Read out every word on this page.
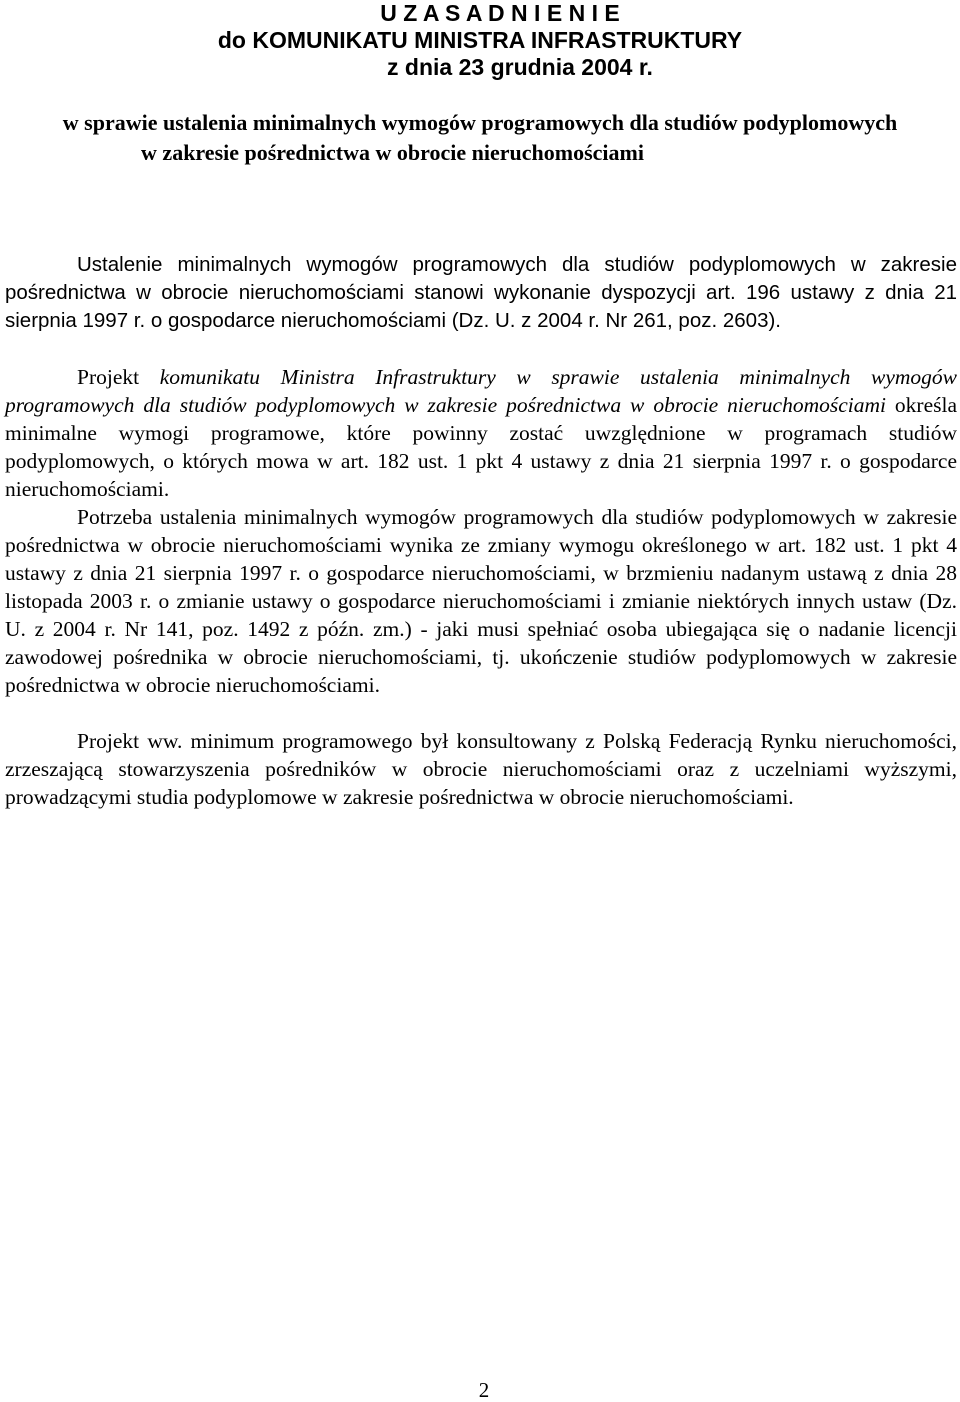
U Z A S A D N I E N I E
do KOMUNIKATU MINISTRA INFRASTRUKTURY
z dnia 23 grudnia 2004 r.
w sprawie ustalenia minimalnych wymogów programowych dla studiów podyplomowych
w zakresie pośrednictwa w obrocie nieruchomościami
Ustalenie minimalnych wymogów programowych dla studiów podyplomowych w zakresie pośrednictwa w obrocie nieruchomościami stanowi wykonanie dyspozycji art. 196 ustawy z dnia 21 sierpnia 1997 r. o gospodarce nieruchomościami (Dz. U. z 2004 r. Nr 261, poz. 2603).

Projekt komunikatu Ministra Infrastruktury w sprawie ustalenia minimalnych wymogów programowych dla studiów podyplomowych w zakresie pośrednictwa w obrocie nieruchomościami określa minimalne wymogi programowe, które powinny zostać uwzględnione w programach studiów podyplomowych, o których mowa w art. 182 ust. 1 pkt 4 ustawy z dnia 21 sierpnia 1997 r. o gospodarce nieruchomościami.

Potrzeba ustalenia minimalnych wymogów programowych dla studiów podyplomowych w zakresie pośrednictwa w obrocie nieruchomościami wynika ze zmiany wymogu określonego w art. 182 ust. 1 pkt 4 ustawy z dnia 21 sierpnia 1997 r. o gospodarce nieruchomościami, w brzmieniu nadanym ustawą z dnia 28 listopada 2003 r. o zmianie ustawy o gospodarce nieruchomościami i zmianie niektórych innych ustaw (Dz. U. z 2004 r. Nr 141, poz. 1492 z późn. zm.) - jaki musi spełniać osoba ubiegająca się o nadanie licencji zawodowej pośrednika w obrocie nieruchomościami, tj. ukończenie studiów podyplomowych w zakresie pośrednictwa w obrocie nieruchomościami.

Projekt ww. minimum programowego był konsultowany z Polską Federacją Rynku nieruchomości, zrzeszającą stowarzyszenia pośredników w obrocie nieruchomościami oraz z uczelniami wyższymi, prowadzącymi studia podyplomowe w zakresie pośrednictwa w obrocie nieruchomościami.

2
